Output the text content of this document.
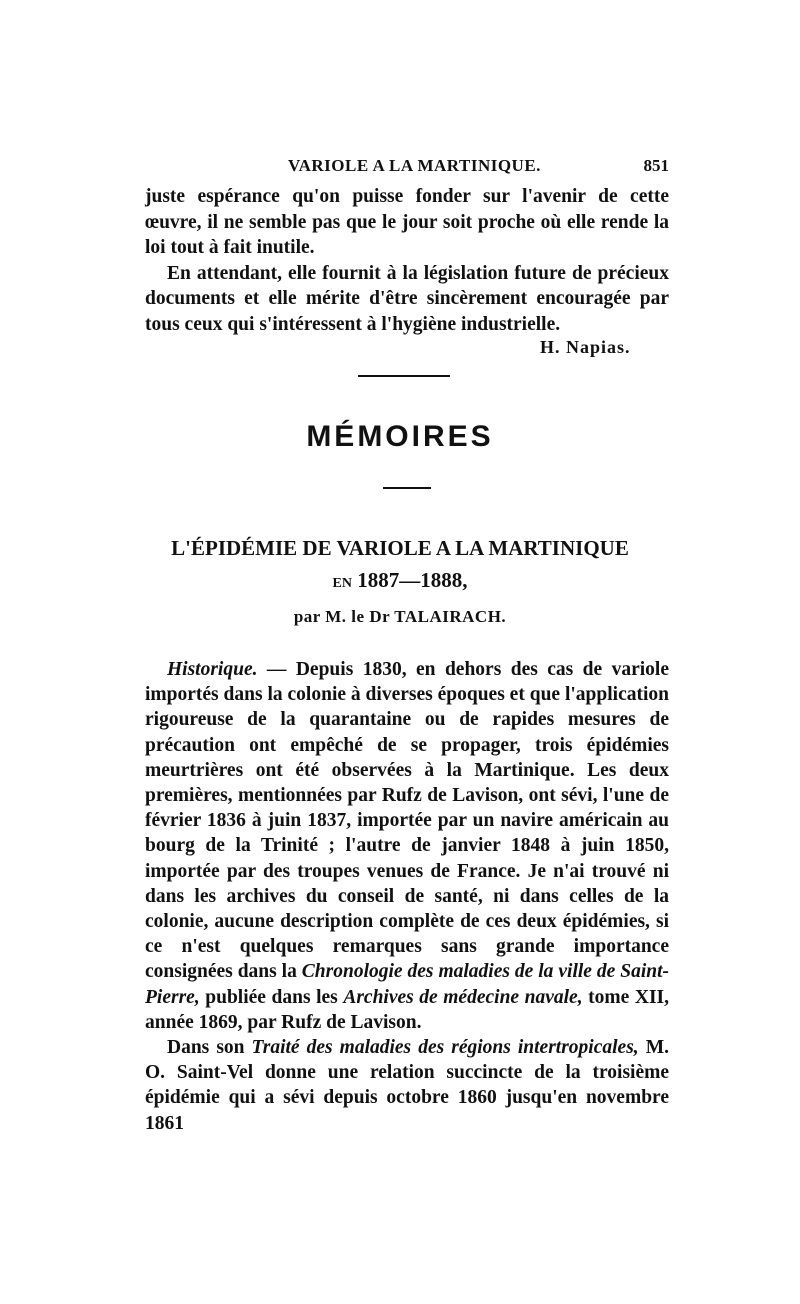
VARIOLE A LA MARTINIQUE.	851

juste espérance qu'on puisse fonder sur l'avenir de cette œuvre, il ne semble pas que le jour soit proche où elle rende la loi tout à fait inutile.

En attendant, elle fournit à la législation future de précieux documents et elle mérite d'être sincèrement encouragée par tous ceux qui s'intéressent à l'hygiène industrielle.

H. Napias.
MÉMOIRES
L'ÉPIDÉMIE DE VARIOLE A LA MARTINIQUE
EN 1887—1888,
par M. le Dr TALAIRACH.

Historique. — Depuis 1830, en dehors des cas de variole importés dans la colonie à diverses époques et que l'application rigoureuse de la quarantaine ou de rapides mesures de précaution ont empêché de se propager, trois épidémies meurtrières ont été observées à la Martinique. Les deux premières, mentionnées par Rufz de Lavison, ont sévi, l'une de février 1836 à juin 1837, importée par un navire américain au bourg de la Trinité ; l'autre de janvier 1848 à juin 1850, importée par des troupes venues de France. Je n'ai trouvé ni dans les archives du conseil de santé, ni dans celles de la colonie, aucune description complète de ces deux épidémies, si ce n'est quelques remarques sans grande importance consignées dans la Chronologie des maladies de la ville de Saint-Pierre, publiée dans les Archives de médecine navale, tome XII, année 1869, par Rufz de Lavison.

Dans son Traité des maladies des régions intertropicales, M. O. Saint-Vel donne une relation succincte de la troisième épidémie qui a sévi depuis octobre 1860 jusqu'en novembre 1861
